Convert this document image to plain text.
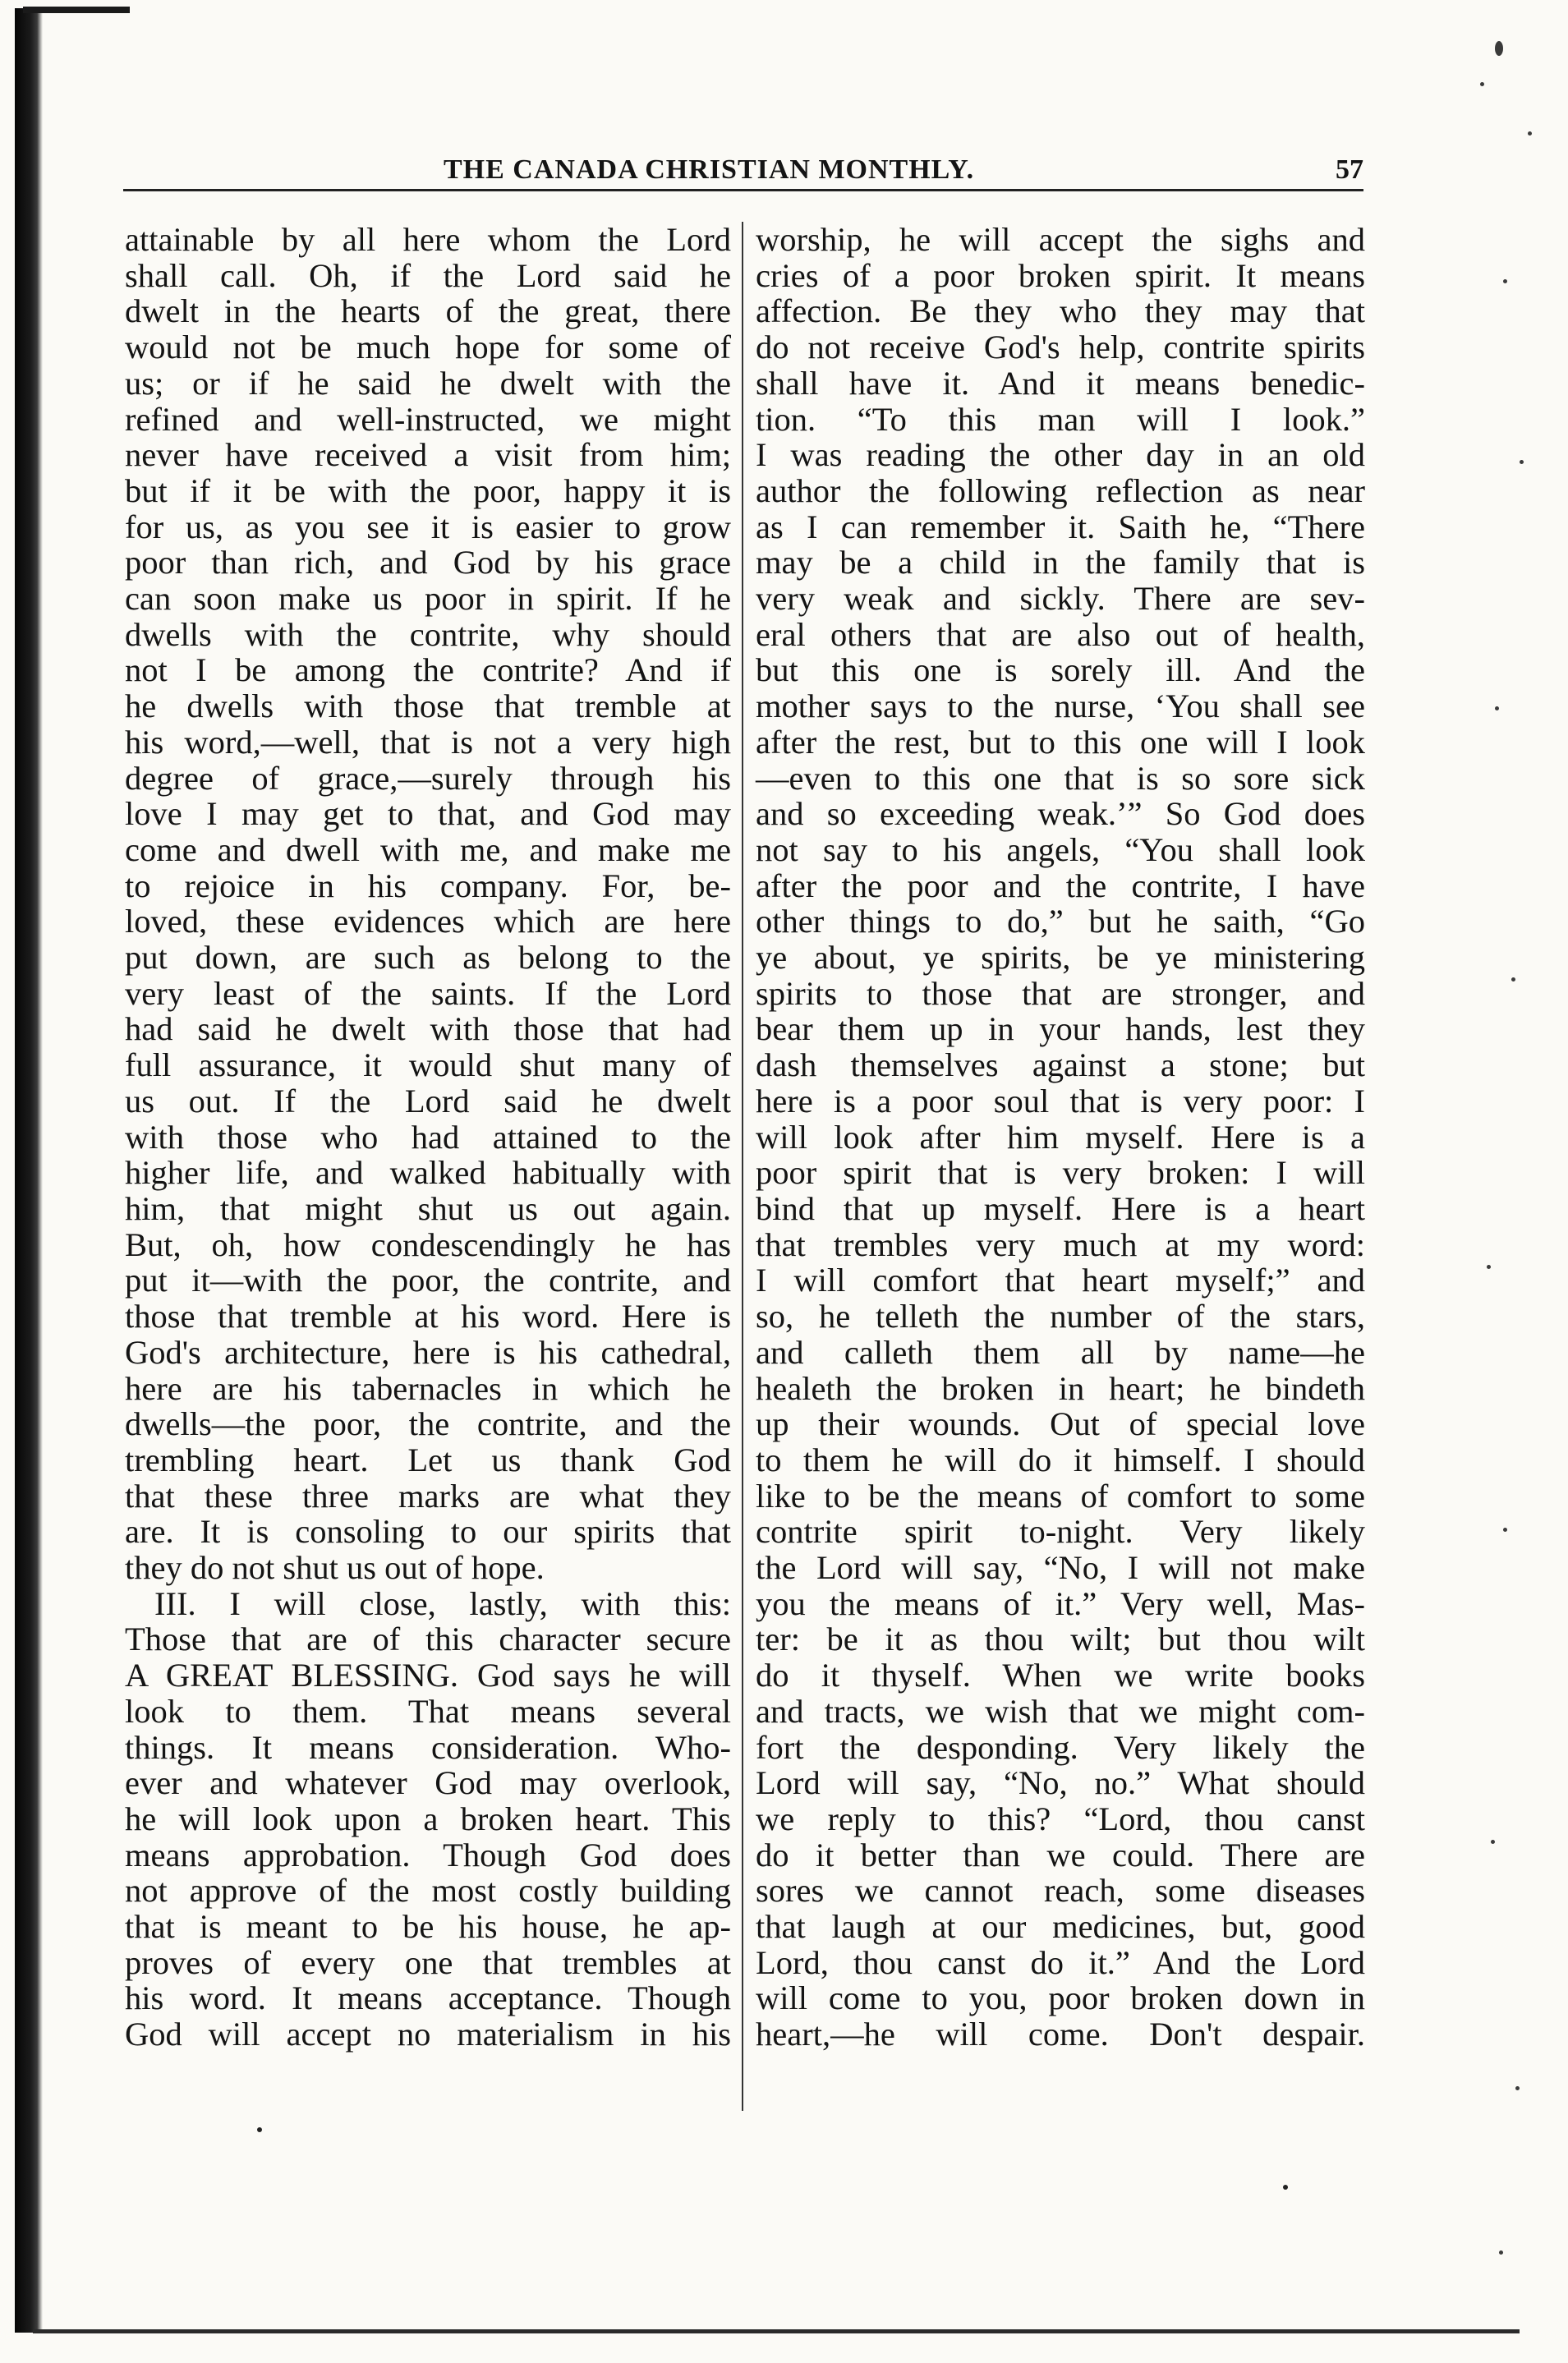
THE CANADA CHRISTIAN MONTHLY.	57
attainable by all here whom the Lord
shall call. Oh, if the Lord said he
dwelt in the hearts of the great, there
would not be much hope for some of
us; or if he said he dwelt with the
refined and well-instructed, we might
never have received a visit from him;
but if it be with the poor, happy it is
for us, as you see it is easier to grow
poor than rich, and God by his grace
can soon make us poor in spirit. If he
dwells with the contrite, why should
not I be among the contrite? And if
he dwells with those that tremble at
his word,—well, that is not a very high
degree of grace,—surely through his
love I may get to that, and God may
come and dwell with me, and make me
to rejoice in his company. For, be-
loved, these evidences which are here
put down, are such as belong to the
very least of the saints. If the Lord
had said he dwelt with those that had
full assurance, it would shut many of
us out. If the Lord said he dwelt
with those who had attained to the
higher life, and walked habitually with
him, that might shut us out again.
But, oh, how condescendingly he has
put it—with the poor, the contrite, and
those that tremble at his word. Here is
God's architecture, here is his cathedral,
here are his tabernacles in which he
dwells—the poor, the contrite, and the
trembling heart. Let us thank God
that these three marks are what they
are. It is consoling to our spirits that
they do not shut us out of hope.
III. I will close, lastly, with this:
Those that are of this character secure
A GREAT BLESSING. God says he will
look to them. That means several
things. It means consideration. Who-
ever and whatever God may overlook,
he will look upon a broken heart. This
means approbation. Though God does
not approve of the most costly building
that is meant to be his house, he ap-
proves of every one that trembles at
his word. It means acceptance. Though
God will accept no materialism in his
worship, he will accept the sighs and
cries of a poor broken spirit. It means
affection. Be they who they may that
do not receive God's help, contrite spirits
shall have it. And it means benedic-
tion. “To this man will I look.”
I was reading the other day in an old
author the following reflection as near
as I can remember it. Saith he, “There
may be a child in the family that is
very weak and sickly. There are sev-
eral others that are also out of health,
but this one is sorely ill. And the
mother says to the nurse, ‘You shall see
after the rest, but to this one will I look
—even to this one that is so sore sick
and so exceeding weak.’” So God does
not say to his angels, “You shall look
after the poor and the contrite, I have
other things to do,” but he saith, “Go
ye about, ye spirits, be ye ministering
spirits to those that are stronger, and
bear them up in your hands, lest they
dash themselves against a stone; but
here is a poor soul that is very poor: I
will look after him myself. Here is a
poor spirit that is very broken: I will
bind that up myself. Here is a heart
that trembles very much at my word:
I will comfort that heart myself;” and
so, he telleth the number of the stars,
and calleth them all by name—he
healeth the broken in heart; he bindeth
up their wounds. Out of special love
to them he will do it himself. I should
like to be the means of comfort to some
contrite spirit to-night. Very likely
the Lord will say, “No, I will not make
you the means of it.” Very well, Mas-
ter: be it as thou wilt; but thou wilt
do it thyself. When we write books
and tracts, we wish that we might com-
fort the desponding. Very likely the
Lord will say, “No, no.” What should
we reply to this? “Lord, thou canst
do it better than we could. There are
sores we cannot reach, some diseases
that laugh at our medicines, but, good
Lord, thou canst do it.” And the Lord
will come to you, poor broken down in
heart,—he will come. Don't despair.
